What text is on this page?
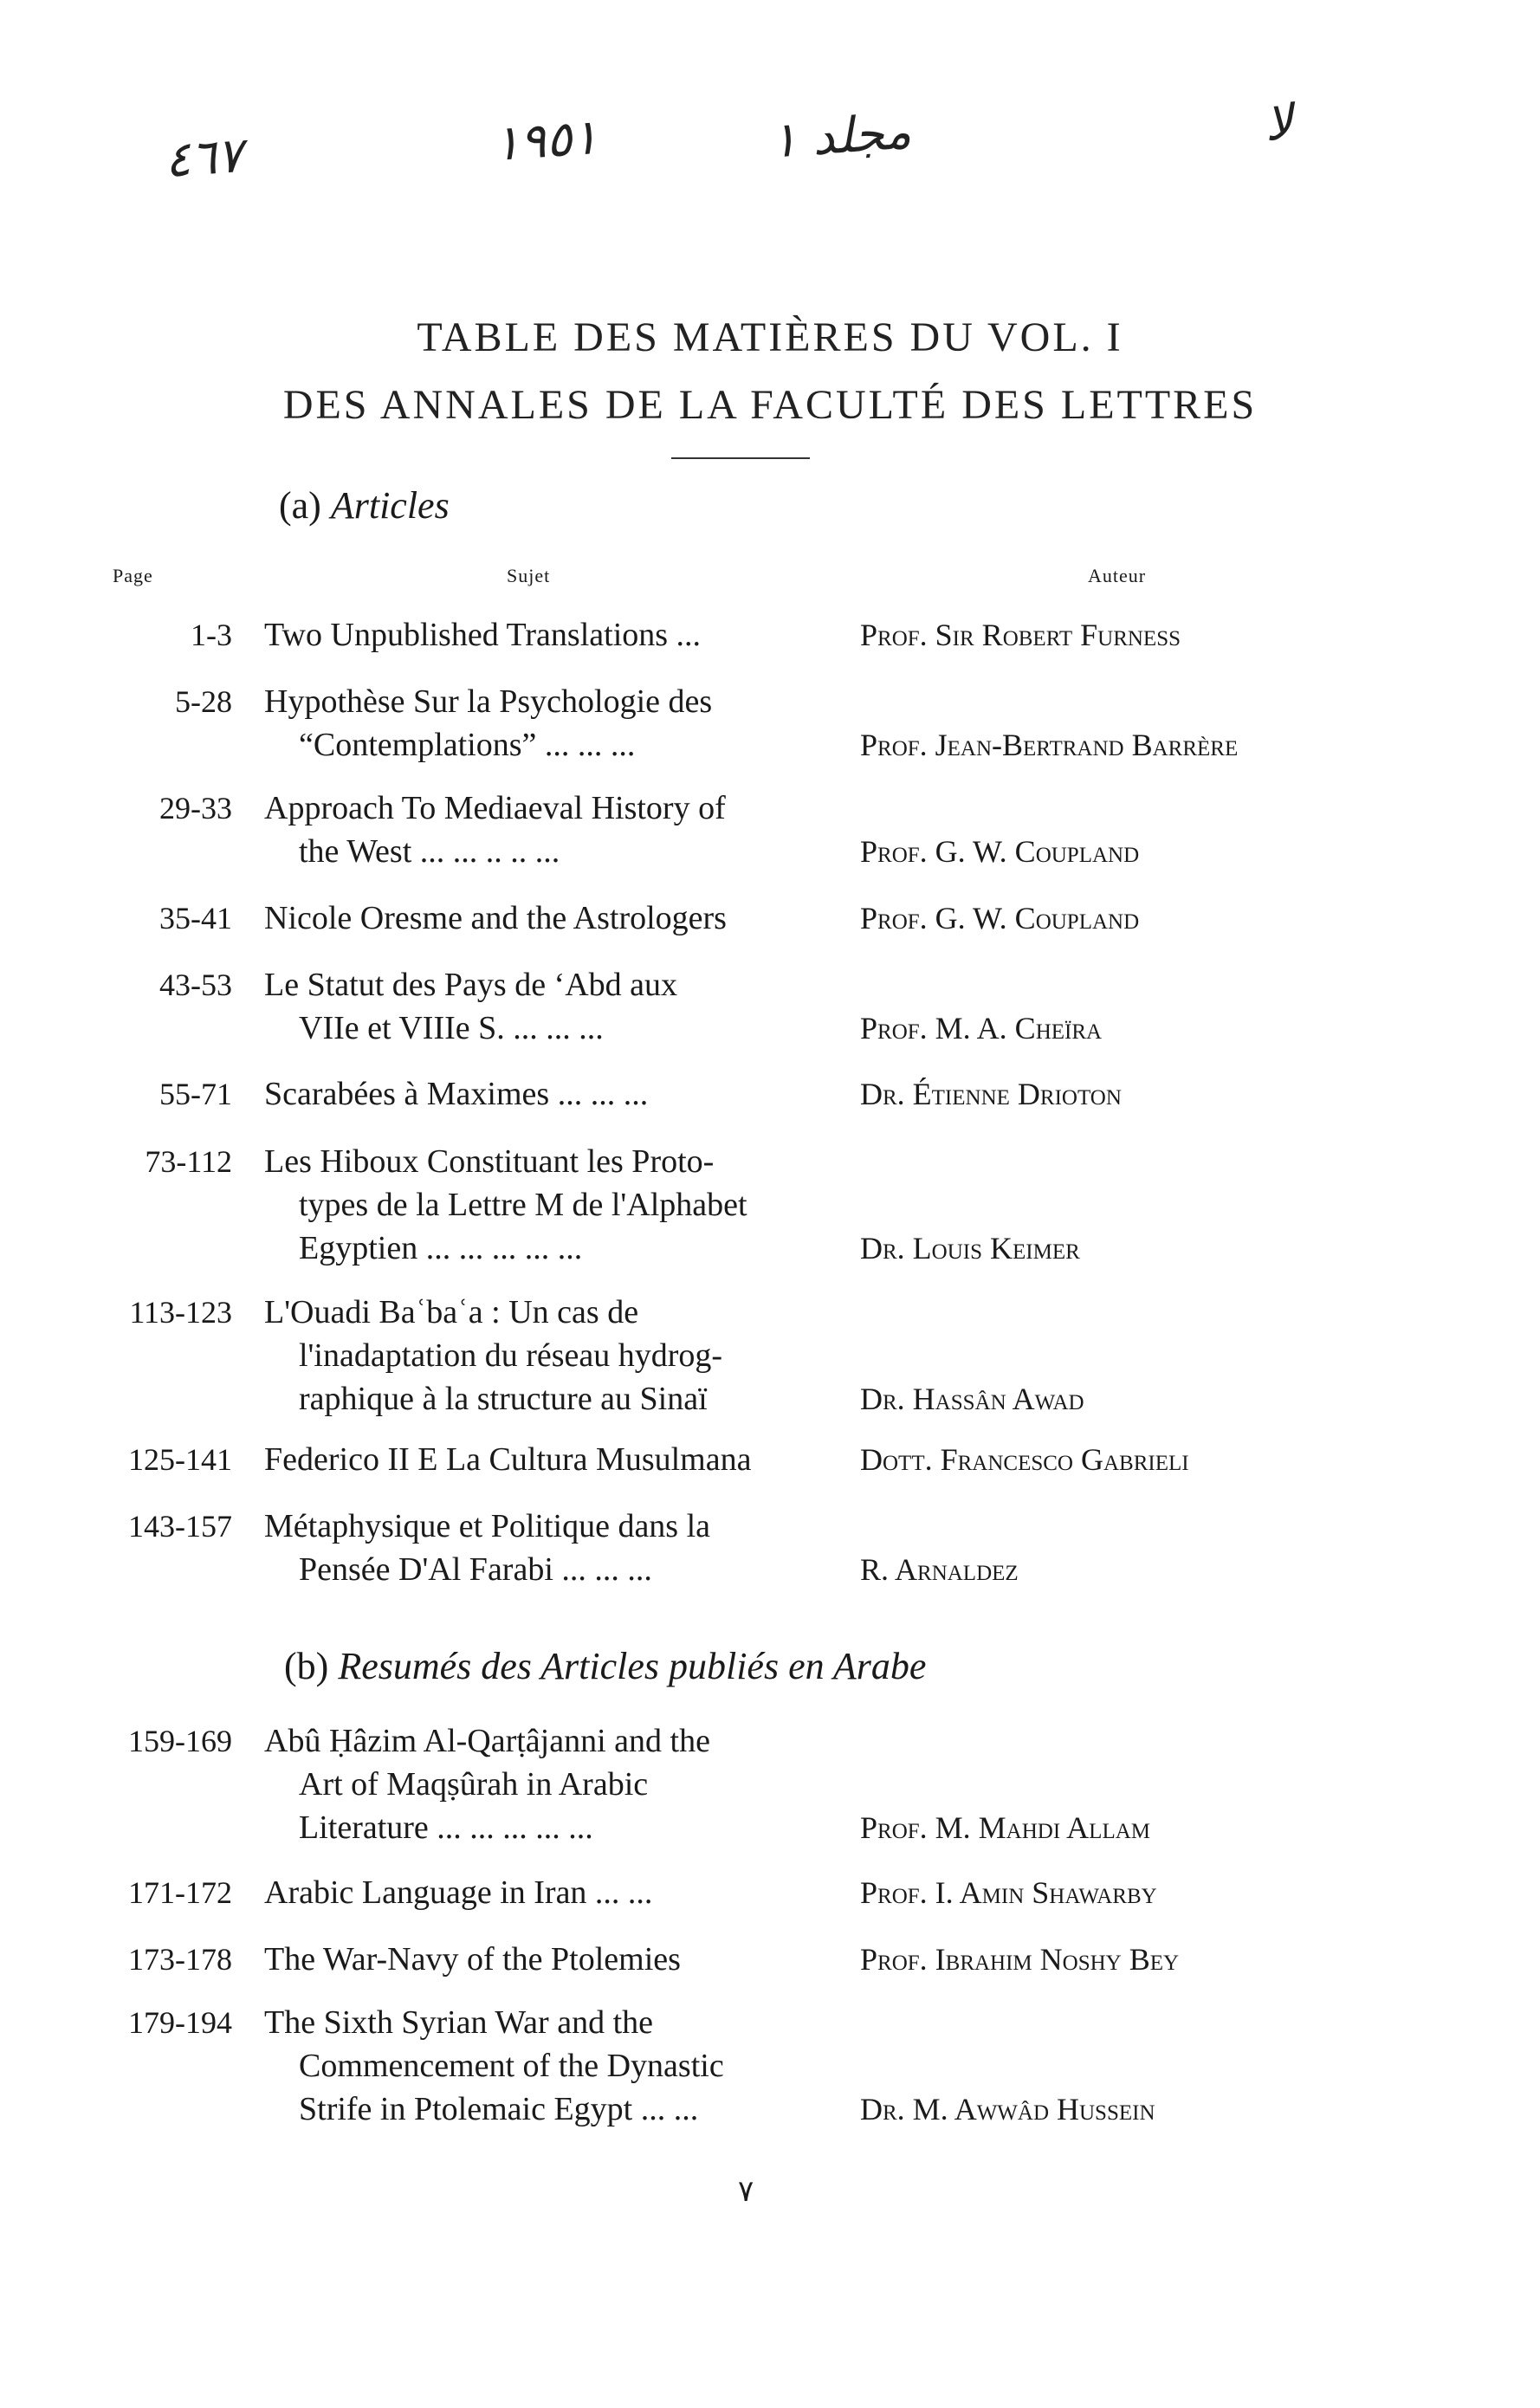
٤٦٧	١٩٥١	مجلد ١	لا
TABLE DES MATIÈRES DU VOL. I
DES ANNALES DE LA FACULTÉ DES LETTRES
(a) Articles
Page	Sujet	Auteur
1-3 Two Unpublished Translations ...	Prof. Sir Robert Furness
5-28 Hypothèse Sur la Psychologie des
“Contemplations” ... ... ...	Prof. Jean-Bertrand Barrère
29-33 Approach To Mediaeval History of
the West ... ... .. .. ...	Prof. G. W. Coupland
35-41 Nicole Oresme and the Astrologers	Prof. G. W. Coupland
43-53 Le Statut des Pays de ‘Abd aux
VIIe et VIIIe S. ... ... ...	Prof. M. A. Cheïra
55-71 Scarabées à Maximes ... ... ...	Dr. Étienne Drioton
73-112 Les Hiboux Constituant les Proto-
types de la Lettre M de l'Alphabet
Egyptien ... ... ... ... ...	Dr. Louis Keimer
113-123 L'Ouadi Baʿbaʿa : Un cas de
l'inadaptation du réseau hydrog-
raphique à la structure au Sinaï	Dr. Hassân Awad
125-141 Federico II E La Cultura Musulmana	Dott. Francesco Gabrieli
143-157 Métaphysique et Politique dans la
Pensée D'Al Farabi ... ... ...	R. Arnaldez
(b) Resumés des Articles publiés en Arabe
159-169 Abû Ḥâzim Al-Qarṭâjanni and the
Art of Maqṣûrah in Arabic
Literature ... ... ... ... ...	Prof. M. Mahdi Allam
171-172 Arabic Language in Iran ... ...	Prof. I. Amin Shawarby
173-178 The War-Navy of the Ptolemies	Prof. Ibrahim Noshy Bey
179-194 The Sixth Syrian War and the
Commencement of the Dynastic
Strife in Ptolemaic Egypt ... ...	Dr. M. Awwâd Hussein
٧
